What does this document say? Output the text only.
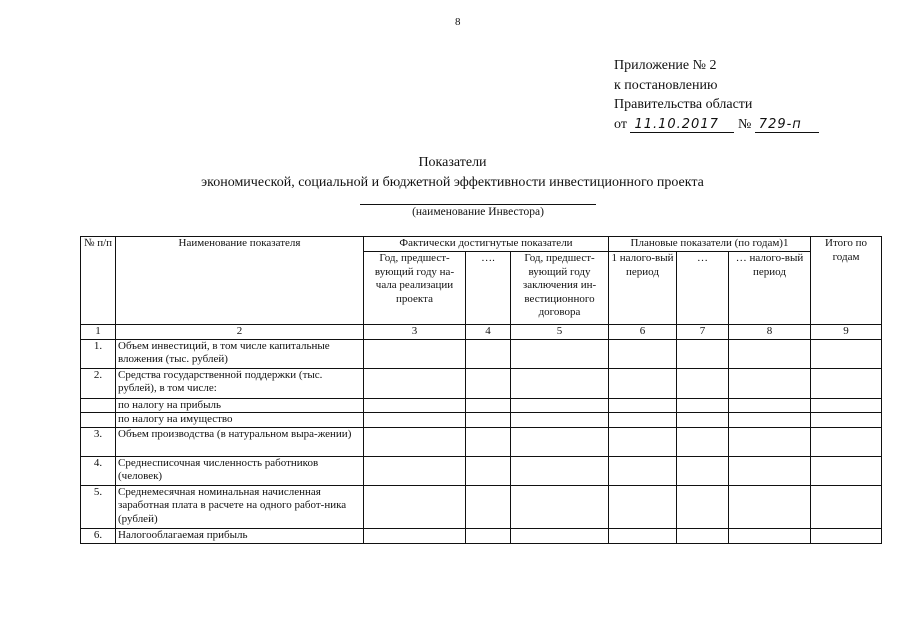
8
Приложение № 2
к постановлению
Правительства области
от 11.10.2017 № 729-п
Показатели
экономической, социальной и бюджетной эффективности инвестиционного проекта
(наименование Инвестора)
№ п/п	Наименование показателя	Фактически достигнутые показатели			Плановые показатели (по годам)1			Итого по годам
		Год, предшест-вующий году на-чала реализации проекта	….	Год, предшест-вующий году заключения ин-вестиционного договора	1 налого-вый период	…	… налого-вый период	
1	2	3	4	5	6	7	8	9
1.	Объем инвестиций, в том числе капитальные вложения (тыс. рублей)							
2.	Средства государственной поддержки (тыс. рублей), в том числе:							
	по налогу на прибыль							
	по налогу на имущество							
3.	Объем производства (в натуральном выра-жении)							
4.	Среднесписочная численность работников (человек)							
5.	Среднемесячная номинальная начисленная заработная плата в расчете на одного работ-ника (рублей)							
6.	Налогооблагаемая прибыль							
